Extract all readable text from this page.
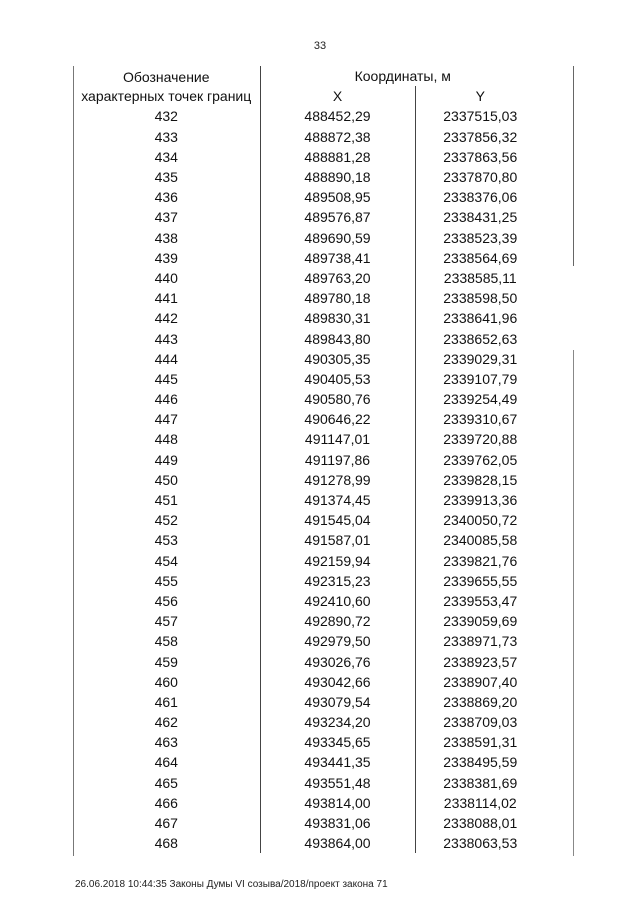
33
Обозначение
характерных точек границ	Координаты, м	
	X	Y
432	488452,29	2337515,03
433	488872,38	2337856,32
434	488881,28	2337863,56
435	488890,18	2337870,80
436	489508,95	2338376,06
437	489576,87	2338431,25
438	489690,59	2338523,39
439	489738,41	2338564,69
440	489763,20	2338585,11
441	489780,18	2338598,50
442	489830,31	2338641,96
443	489843,80	2338652,63
444	490305,35	2339029,31
445	490405,53	2339107,79
446	490580,76	2339254,49
447	490646,22	2339310,67
448	491147,01	2339720,88
449	491197,86	2339762,05
450	491278,99	2339828,15
451	491374,45	2339913,36
452	491545,04	2340050,72
453	491587,01	2340085,58
454	492159,94	2339821,76
455	492315,23	2339655,55
456	492410,60	2339553,47
457	492890,72	2339059,69
458	492979,50	2338971,73
459	493026,76	2338923,57
460	493042,66	2338907,40
461	493079,54	2338869,20
462	493234,20	2338709,03
463	493345,65	2338591,31
464	493441,35	2338495,59
465	493551,48	2338381,69
466	493814,00	2338114,02
467	493831,06	2338088,01
468	493864,00	2338063,53
26.06.2018 10:44:35 Законы Думы VI созыва/2018/проект закона 71
